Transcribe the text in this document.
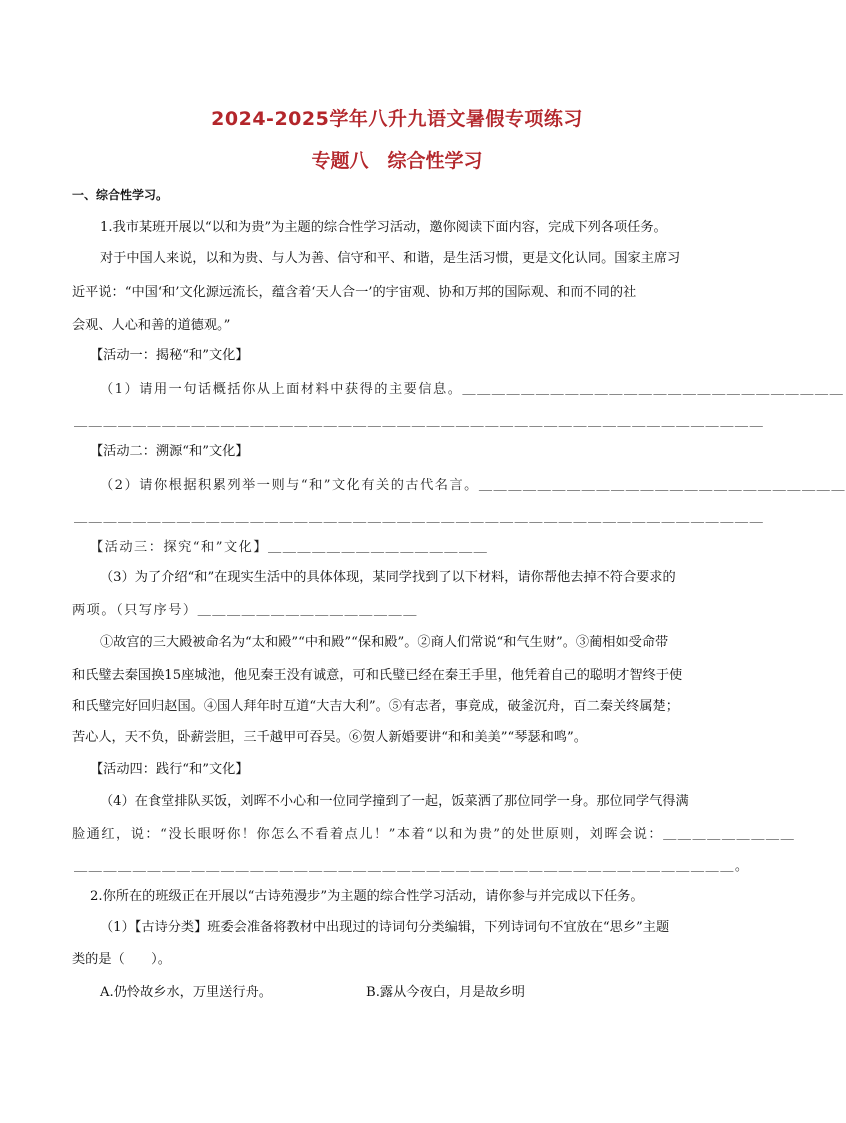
2024-2025学年八升九语文暑假专项练习
专题八　综合性学习
一、综合性学习。
1.我市某班开展以“以和为贵”为主题的综合性学习活动，邀你阅读下面内容，完成下列各项任务。
对于中国人来说，以和为贵、与人为善、信守和平、和谐，是生活习惯，更是文化认同。国家主席习
近平说：“中国‘和’文化源远流长，蕴含着‘天人合一’的宇宙观、协和万邦的国际观、和而不同的社
会观、人心和善的道德观。”
【活动一：揭秘“和”文化】
（1）请用一句话概括你从上面材料中获得的主要信息。＿＿＿＿＿＿＿＿＿＿＿＿＿＿＿＿＿＿＿＿＿＿＿＿＿＿
＿＿＿＿＿＿＿＿＿＿＿＿＿＿＿＿＿＿＿＿＿＿＿＿＿＿＿＿＿＿＿＿＿＿＿＿＿＿＿＿＿＿＿＿＿＿＿
【活动二：溯源“和”文化】
（2）请你根据积累列举一则与“和”文化有关的古代名言。＿＿＿＿＿＿＿＿＿＿＿＿＿＿＿＿＿＿＿＿＿＿＿＿＿
＿＿＿＿＿＿＿＿＿＿＿＿＿＿＿＿＿＿＿＿＿＿＿＿＿＿＿＿＿＿＿＿＿＿＿＿＿＿＿＿＿＿＿＿＿＿＿
【活动三：探究“和”文化】＿＿＿＿＿＿＿＿＿＿＿＿＿＿＿
（3）为了介绍“和”在现实生活中的具体体现，某同学找到了以下材料，请你帮他去掉不符合要求的
两项。（只写序号）＿＿＿＿＿＿＿＿＿＿＿＿＿＿＿
①故宫的三大殿被命名为“太和殿”“中和殿”“保和殿”。②商人们常说“和气生财”。③蔺相如受命带
和氏璧去秦国换15座城池，他见秦王没有诚意，可和氏璧已经在秦王手里，他凭着自己的聪明才智终于使
和氏璧完好回归赵国。④国人拜年时互道“大吉大利”。⑤有志者，事竟成，破釜沉舟，百二秦关终属楚；
苦心人，天不负，卧薪尝胆，三千越甲可吞吴。⑥贺人新婚要讲“和和美美”“琴瑟和鸣”。
【活动四：践行“和”文化】
（4）在食堂排队买饭，刘晖不小心和一位同学撞到了一起，饭菜洒了那位同学一身。那位同学气得满
脸通红，说：“没长眼呀你！你怎么不看着点儿！”本着“以和为贵”的处世原则，刘晖会说：＿＿＿＿＿＿＿＿＿
＿＿＿＿＿＿＿＿＿＿＿＿＿＿＿＿＿＿＿＿＿＿＿＿＿＿＿＿＿＿＿＿＿＿＿＿＿＿＿＿＿＿＿＿＿。
2.你所在的班级正在开展以“古诗苑漫步”为主题的综合性学习活动，请你参与并完成以下任务。
（1）【古诗分类】班委会准备将教材中出现过的诗词句分类编辑，下列诗词句不宜放在“思乡”主题
类的是（　　）。
A.仍怜故乡水，万里送行舟。	B.露从今夜白，月是故乡明
